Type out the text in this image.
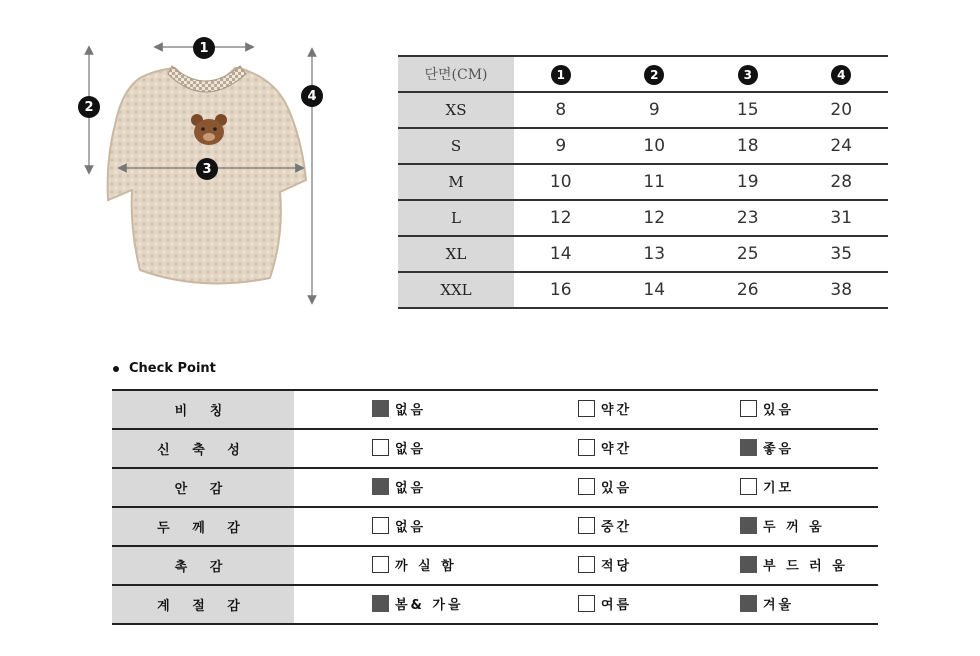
1
2
3
4
단면(CM)	1	2	3	4
XS	8	9	15	20
S	9	10	18	24
M	10	11	19	28
L	12	12	23	31
XL	14	13	25	35
XXL	16	14	26	38
Check Point
비 칭	없음	약간	있음

신 축 성	없음	약간	좋음

안 감	없음	있음	기모

두 께 감	없음	중간	두 꺼 움

촉 감	까 실 함	적당	부 드 러 움

계 절 감	봄& 가을	여름	겨울
